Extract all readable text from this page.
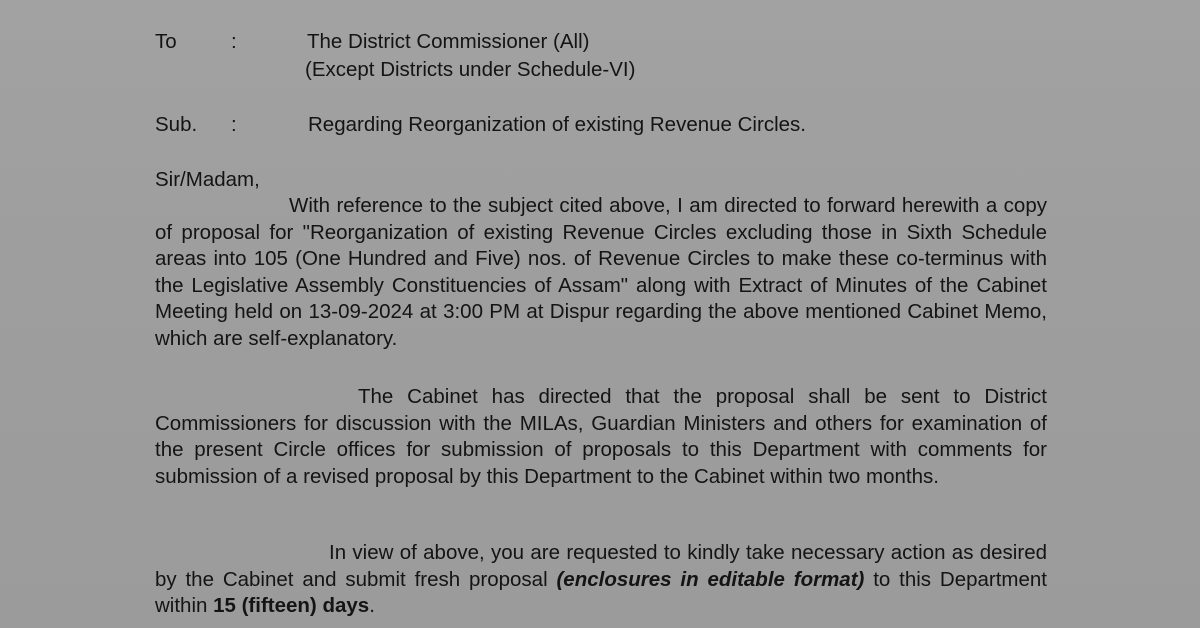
To	:	The District Commissioner (All)
(Except Districts under Schedule-VI)
Sub. :	Regarding Reorganization of existing Revenue Circles.
Sir/Madam,
With reference to the subject cited above, I am directed to forward herewith a copy of proposal for "Reorganization of existing Revenue Circles excluding those in Sixth Schedule areas into 105 (One Hundred and Five) nos. of Revenue Circles to make these co-terminus with the Legislative Assembly Constituencies of Assam" along with Extract of Minutes of the Cabinet Meeting held on 13-09-2024 at 3:00 PM at Dispur regarding the above mentioned Cabinet Memo, which are self-explanatory.
The Cabinet has directed that the proposal shall be sent to District Commissioners for discussion with the MILAs, Guardian Ministers and others for examination of the present Circle offices for submission of proposals to this Department with comments for submission of a revised proposal by this Department to the Cabinet within two months.
In view of above, you are requested to kindly take necessary action as desired by the Cabinet and submit fresh proposal (enclosures in editable format) to this Department within 15 (fifteen) days.
